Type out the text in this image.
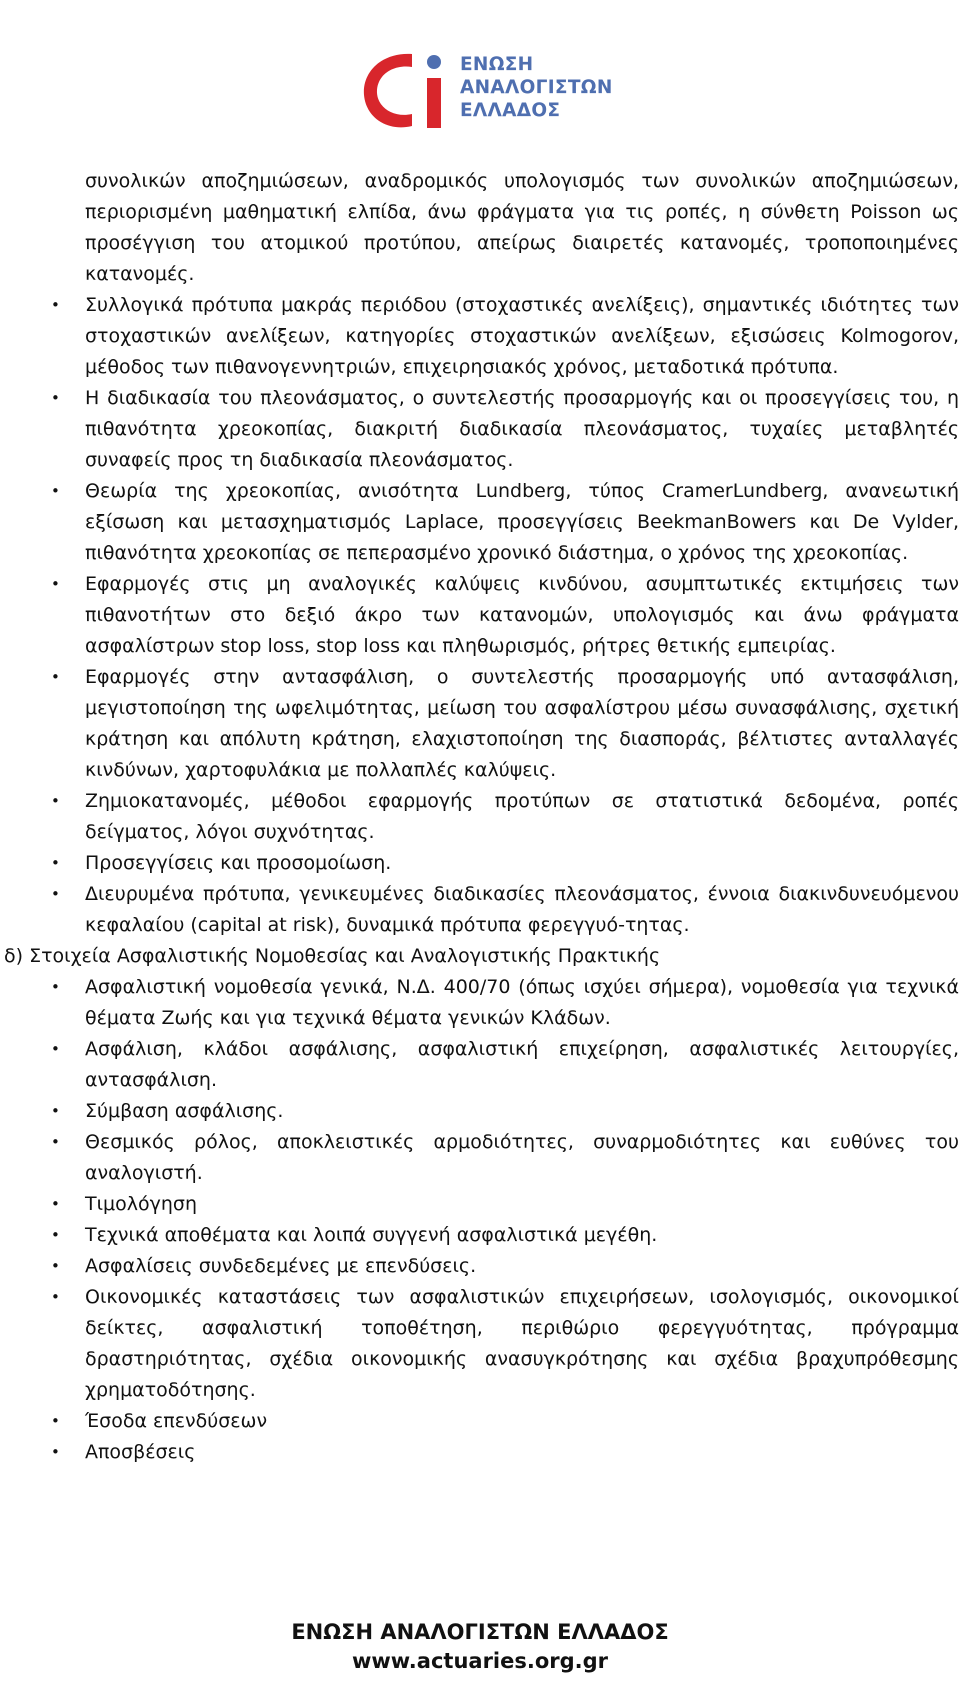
ΕΝΩΣΗ
ΑΝΑΛΟΓΙΣΤΩΝ
ΕΛΛΑΔΟΣ
συνολικών αποζημιώσεων, αναδρομικός υπολογισμός των συνολικών αποζημιώσεων, περιορισμένη μαθηματική ελπίδα, άνω φράγματα για τις ροπές, η σύνθετη Poisson ως προσέγγιση του ατομικού προτύπου, απείρως διαιρετές κατανομές, τροποποιημένες κατανομές.
• Συλλογικά πρότυπα μακράς περιόδου (στοχαστικές ανελίξεις), σημαντικές ιδιότητες των στοχαστικών ανελίξεων, κατηγορίες στοχαστικών ανελίξεων, εξισώσεις Kolmogorov, μέθοδος των πιθανογεννητριών, επιχειρησιακός χρόνος, μεταδοτικά πρότυπα.
• Η διαδικασία του πλεονάσματος, ο συντελεστής προσαρμογής και οι προσεγγίσεις του, η πιθανότητα χρεοκοπίας, διακριτή διαδικασία πλεονάσματος, τυχαίες μεταβλητές συναφείς προς τη διαδικασία πλεονάσματος.
• Θεωρία της χρεοκοπίας, ανισότητα Lundberg, τύπος CramerLundberg, ανανεωτική εξίσωση και μετασχηματισμός Laplace, προσεγγίσεις BeekmanBowers και De Vylder, πιθανότητα χρεοκοπίας σε πεπερασμένο χρονικό διάστημα, ο χρόνος της χρεοκοπίας.
• Εφαρμογές στις μη αναλογικές καλύψεις κινδύνου, ασυμπτωτικές εκτιμήσεις των πιθανοτήτων στο δεξιό άκρο των κατανομών, υπολογισμός και άνω φράγματα ασφαλίστρων stop loss, stop loss και πληθωρισμός, ρήτρες θετικής εμπειρίας.
• Εφαρμογές στην αντασφάλιση, ο συντελεστής προσαρμογής υπό αντασφάλιση, μεγιστοποίηση της ωφελιμότητας, μείωση του ασφαλίστρου μέσω συνασφάλισης, σχετική κράτηση και απόλυτη κράτηση, ελαχιστοποίηση της διασποράς, βέλτιστες ανταλλαγές κινδύνων, χαρτοφυλάκια με πολλαπλές καλύψεις.
• Ζημιοκατανομές, μέθοδοι εφαρμογής προτύπων σε στατιστικά δεδομένα, ροπές δείγματος, λόγοι συχνότητας.
• Προσεγγίσεις και προσομοίωση.
• Διευρυμένα πρότυπα, γενικευμένες διαδικασίες πλεονάσματος, έννοια διακινδυνευόμενου κεφαλαίου (capital at risk), δυναμικά πρότυπα φερεγγυό-τητας.
δ) Στοιχεία Ασφαλιστικής Νομοθεσίας και Αναλογιστικής Πρακτικής
• Ασφαλιστική νομοθεσία γενικά, Ν.Δ. 400/70 (όπως ισχύει σήμερα), νομοθεσία για τεχνικά θέματα Ζωής και για τεχνικά θέματα γενικών Κλάδων.
• Ασφάλιση, κλάδοι ασφάλισης, ασφαλιστική επιχείρηση, ασφαλιστικές λειτουργίες, αντασφάλιση.
• Σύμβαση ασφάλισης.
• Θεσμικός ρόλος, αποκλειστικές αρμοδιότητες, συναρμοδιότητες και ευθύνες του αναλογιστή.
• Τιμολόγηση
• Τεχνικά αποθέματα και λοιπά συγγενή ασφαλιστικά μεγέθη.
• Ασφαλίσεις συνδεδεμένες με επενδύσεις.
• Οικονομικές καταστάσεις των ασφαλιστικών επιχειρήσεων, ισολογισμός, οικονομικοί δείκτες, ασφαλιστική τοποθέτηση, περιθώριο φερεγγυότητας, πρόγραμμα δραστηριότητας, σχέδια οικονομικής ανασυγκρότησης και σχέδια βραχυπρόθεσμης χρηματοδότησης.
• Έσοδα επενδύσεων
• Αποσβέσεις
ΕΝΩΣΗ ΑΝΑΛΟΓΙΣΤΩΝ ΕΛΛΑΔΟΣ
www.actuaries.org.gr
